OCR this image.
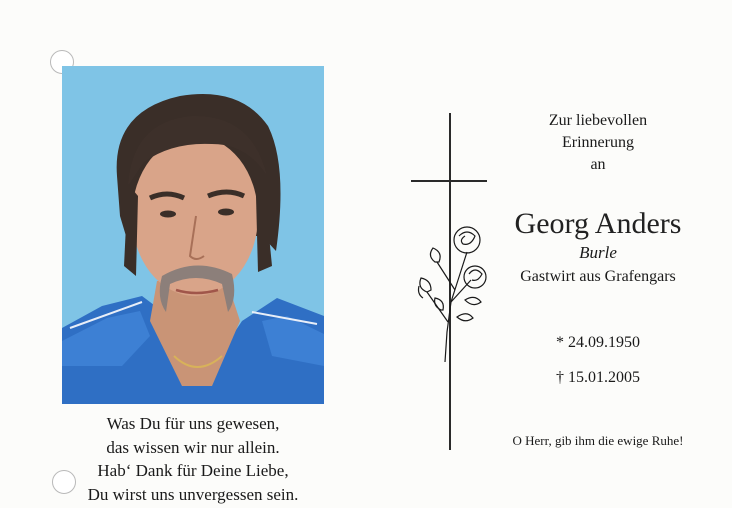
Was Du für uns gewesen,
das wissen wir nur allein.
Hab‘ Dank für Deine Liebe,
Du wirst uns unvergessen sein.
Zur liebevollen
Erinnerung
an
Georg Anders
Burle
Gastwirt aus Grafengars
* 24.09.1950
† 15.01.2005
O Herr, gib ihm die ewige Ruhe!
